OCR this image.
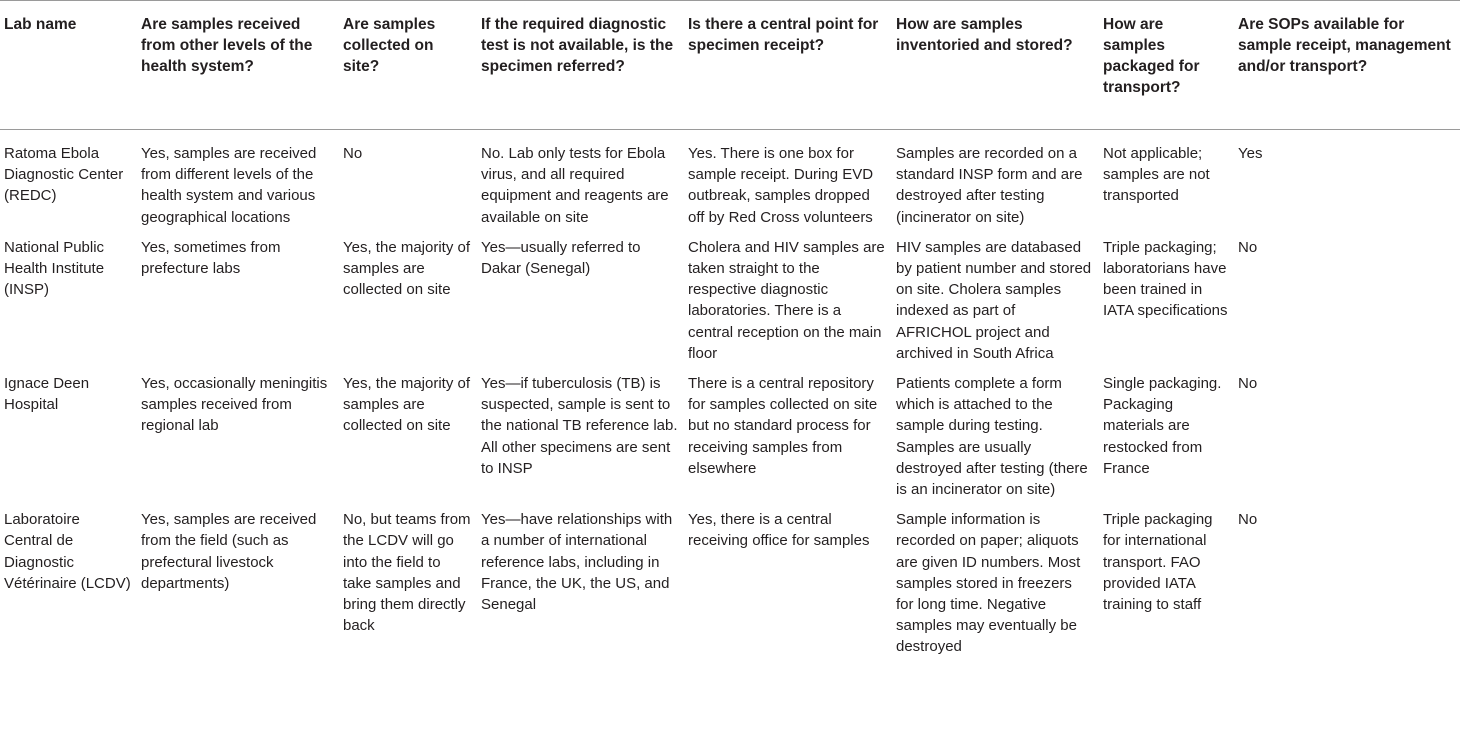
Lab name	Are samples received from other levels of the health system?	Are samples collected on site?	If the required diagnostic test is not available, is the specimen referred?	Is there a central point for specimen receipt?	How are samples inventoried and stored?	How are samples packaged for transport?	Are SOPs available for sample receipt, management and/or transport?
Ratoma Ebola Diagnostic Center (REDC)	Yes, samples are received from different levels of the health system and various geographical locations	No	No. Lab only tests for Ebola virus, and all required equipment and reagents are available on site	Yes. There is one box for sample receipt. During EVD outbreak, samples dropped off by Red Cross volunteers	Samples are recorded on a standard INSP form and are destroyed after testing (incinerator on site)	Not applicable; samples are not transported	Yes
National Public Health Institute (INSP)	Yes, sometimes from prefecture labs	Yes, the majority of samples are collected on site	Yes—usually referred to Dakar (Senegal)	Cholera and HIV samples are taken straight to the respective diagnostic laboratories. There is a central reception on the main floor	HIV samples are databased by patient number and stored on site. Cholera samples indexed as part of AFRICHOL project and archived in South Africa	Triple packaging; laboratorians have been trained in IATA specifications	No
Ignace Deen Hospital	Yes, occasionally meningitis samples received from regional lab	Yes, the majority of samples are collected on site	Yes—if tuberculosis (TB) is suspected, sample is sent to the national TB reference lab. All other specimens are sent to INSP	There is a central repository for samples collected on site but no standard process for receiving samples from elsewhere	Patients complete a form which is attached to the sample during testing. Samples are usually destroyed after testing (there is an incinerator on site)	Single packaging. Packaging materials are restocked from France	No
Laboratoire Central de Diagnostic Vétérinaire (LCDV)	Yes, samples are received from the field (such as prefectural livestock departments)	No, but teams from the LCDV will go into the field to take samples and bring them directly back	Yes—have relationships with a number of international reference labs, including in France, the UK, the US, and Senegal	Yes, there is a central receiving office for samples	Sample information is recorded on paper; aliquots are given ID numbers. Most samples stored in freezers for long time. Negative samples may eventually be destroyed	Triple packaging for international transport. FAO provided IATA training to staff	No
